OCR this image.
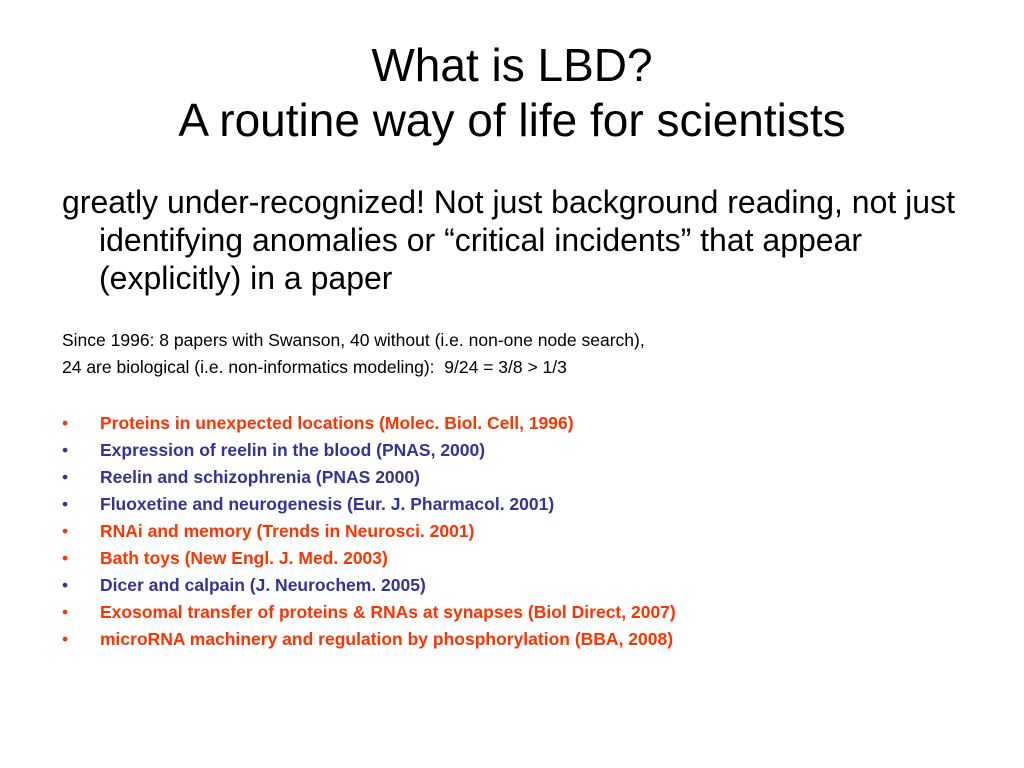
What is LBD?
A routine way of life for scientists

greatly under-recognized! Not just background reading, not just identifying anomalies or “critical incidents” that appear (explicitly) in a paper

Since 1996: 8 papers with Swanson, 40 without (i.e. non-one node search),
24 are biological (i.e. non-informatics modeling):  9/24 = 3/8 > 1/3

•	Proteins in unexpected locations (Molec. Biol. Cell, 1996)
•	Expression of reelin in the blood (PNAS, 2000)
•	Reelin and schizophrenia (PNAS 2000)
•	Fluoxetine and neurogenesis (Eur. J. Pharmacol. 2001)
•	RNAi and memory (Trends in Neurosci. 2001)
•	Bath toys (New Engl. J. Med. 2003)
•	Dicer and calpain (J. Neurochem. 2005)
•	Exosomal transfer of proteins & RNAs at synapses (Biol Direct, 2007)
•	microRNA machinery and regulation by phosphorylation (BBA, 2008)
